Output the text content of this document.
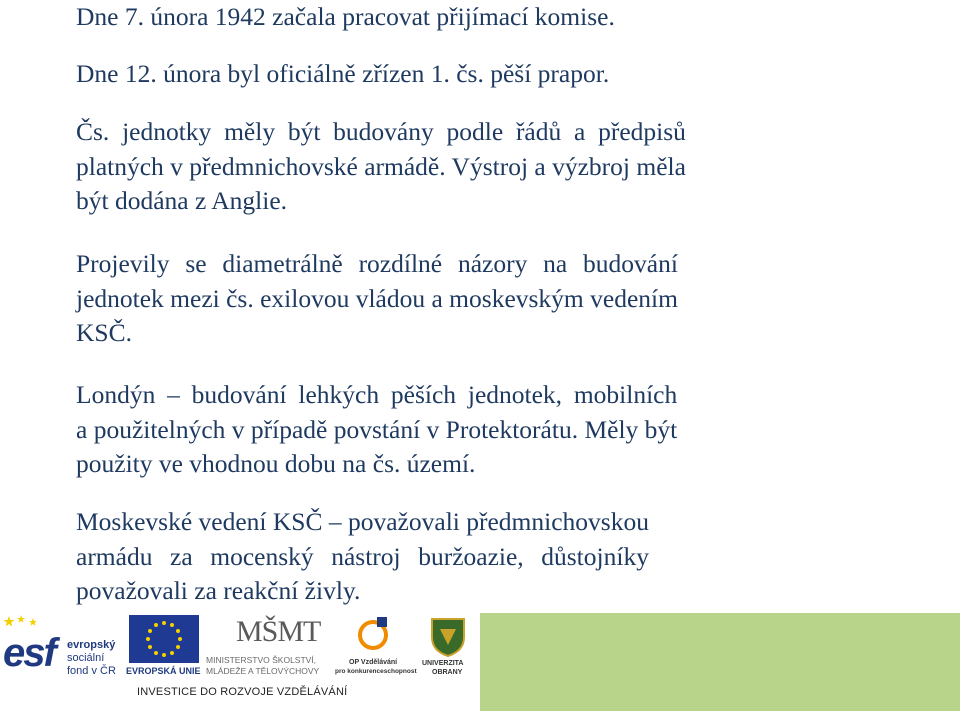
Dne 7. února 1942 začala pracovat přijímací komise.

Dne 12. února byl oficiálně zřízen 1. čs. pěší prapor.

Čs. jednotky měly být budovány podle řádů a předpisů
platných v předmnichovské armádě. Výstroj a výzbroj měla
být dodána z Anglie.

Projevily se diametrálně rozdílné názory na budování
jednotek mezi čs. exilovou vládou a moskevským vedením
KSČ.

Londýn – budování lehkých pěších jednotek, mobilních
a použitelných v případě povstání v Protektorátu. Měly být
použity ve vhodnou dobu na čs. území.

Moskevské vedení KSČ – považovali předmnichovskou
armádu za mocenský nástroj buržoazie, důstojníky
považovali za reakční živly.

esf evropský
sociální
fond v ČR EVROPSKÁ UNIE
MŠMT
MINISTERSTVO ŠKOLSTVÍ,
MLÁDEŽE A TĚLOVÝCHOVY
OP Vzdělávání
pro konkurenceschopnost
UNIVERZITA
OBRANY
INVESTICE DO ROZVOJE VZDĚLÁVÁNÍ
